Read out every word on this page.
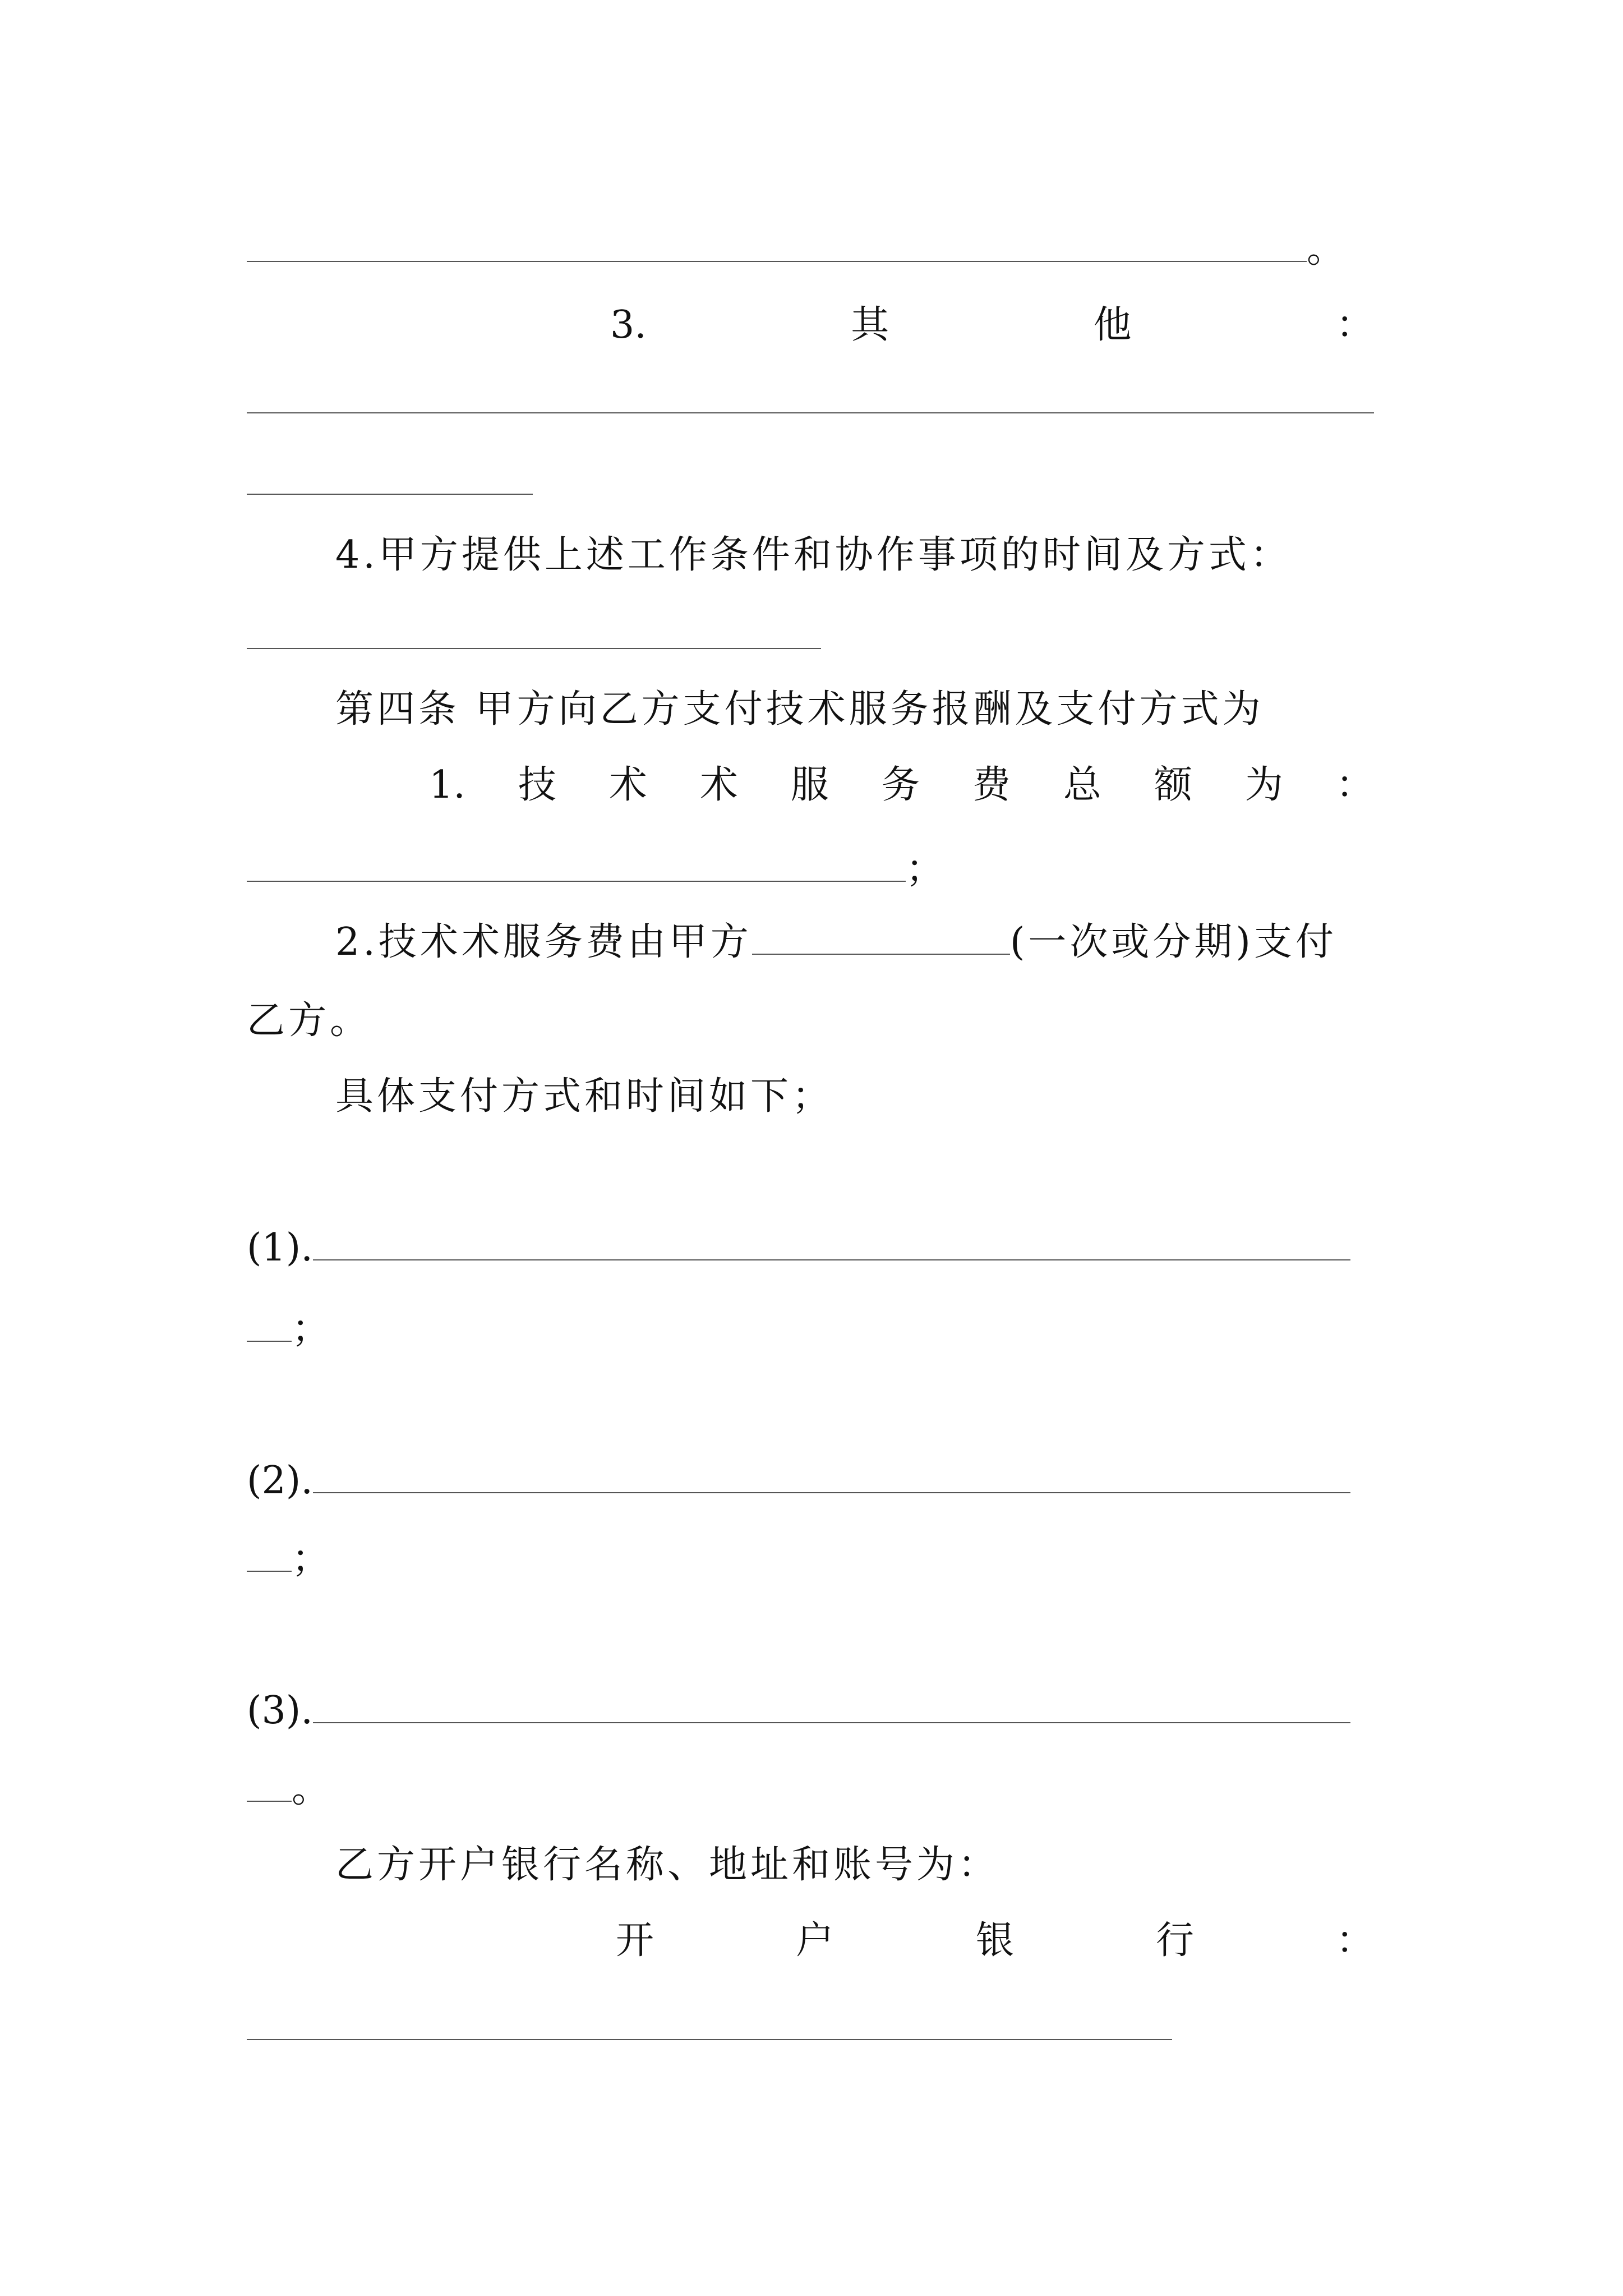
。
3.	其	他	：
4.甲方提供上述工作条件和协作事项的时间及方式：
第四条 甲方向乙方支付技术服务报酬及支付方式为
1. 技 术 术 服 务 费 总 额 为 ：
；
2.技术术服务费由甲方	(一次或分期)支付
乙方。
具体支付方式和时间如下；
(1).
；
(2).
；
(3).
。
乙方开户银行名称、地址和账号为：
开	户	银	行	：
